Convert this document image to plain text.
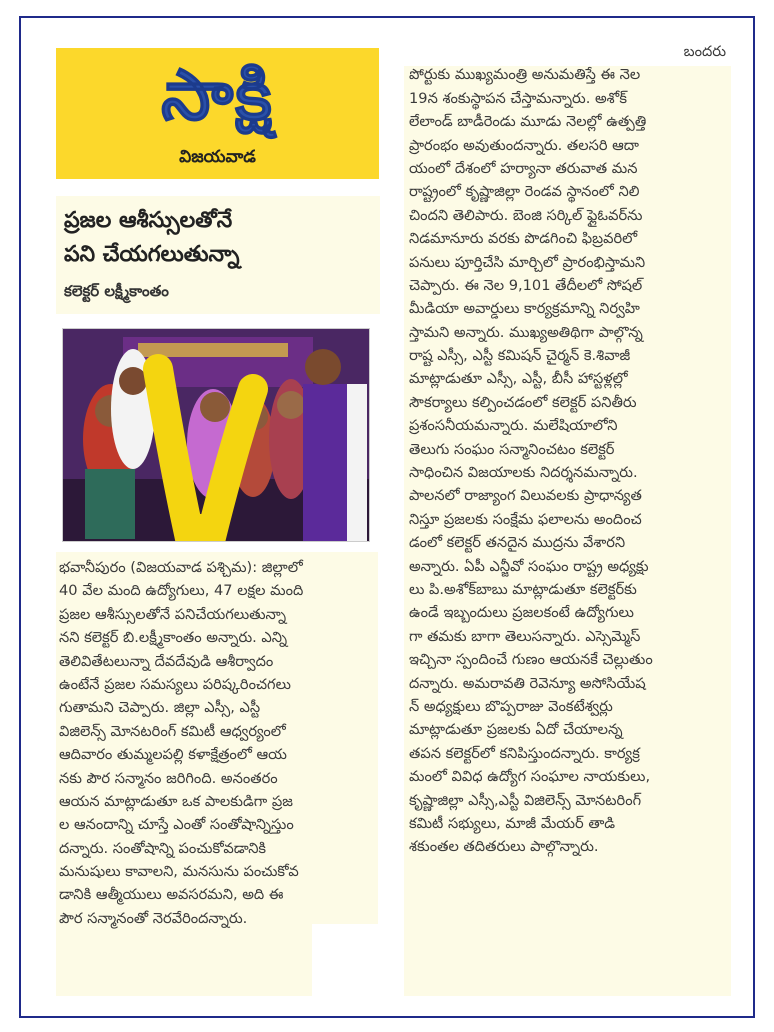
సాక్షి
విజయవాడ
ప్రజల ఆశీస్సులతోనే
పని చేయగలుతున్నా
కలెక్టర్ లక్ష్మీకాంతం
భవానీపురం (విజయవాడ పశ్చిమ): జిల్లాలో
40 వేల మంది ఉద్యోగులు, 47 లక్షల మంది
ప్రజల ఆశీస్సులతోనే పనిచేయగలుతున్నా
నని కలెక్టర్ బి.లక్ష్మీకాంతం అన్నారు. ఎన్ని
తెలివితేటలున్నా దేవదేవుడి ఆశీర్వాదం
ఉంటేనే ప్రజల సమస్యలు పరిష్కరించగలు
గుతామని చెప్పారు. జిల్లా ఎస్సీ, ఎస్టీ
విజిలెన్స్ మోనటరింగ్ కమిటీ ఆధ్వర్యంలో
ఆదివారం తుమ్మలపల్లి కళాక్షేత్రంలో ఆయ
నకు పౌర సన్మానం జరిగింది. అనంతరం
ఆయన మాట్లాడుతూ ఒక పాలకుడిగా ప్రజ
ల ఆనందాన్ని చూస్తే ఎంతో సంతోషాన్నిస్తుం
దన్నారు. సంతోషాన్ని పంచుకోవడానికి
మనుషులు కావాలని, మనసును పంచుకోవ
డానికి ఆత్మీయులు అవసరమని, అది ఈ
పౌర సన్మానంతో నెరవేరిందన్నారు.
బందరు
పోర్టుకు ముఖ్యమంత్రి అనుమతిస్తే ఈ నెల
19న శంకుస్థాపన చేస్తామన్నారు. అశోక్
లేలాండ్ బాడీరెండు మూడు నెలల్లో ఉత్పత్తి
ప్రారంభం అవుతుందన్నారు. తలసరి ఆదా
యంలో దేశంలో హర్యానా తరువాత మన
రాష్ట్రంలో కృష్ణాజిల్లా రెండవ స్థానంలో నిలి
చిందని తెలిపారు. బెంజి సర్కిల్ ఫ్లైఓవర్‌ను
నిడమానూరు వరకు పొడగించి ఫిబ్రవరిలో
పనులు పూర్తిచేసి మార్చిలో ప్రారంభిస్తామని
చెప్పారు. ఈ నెల 9,101 తేదీలలో సోషల్
మీడియా అవార్డులు కార్యక్రమాన్ని నిర్వహి
స్తామని అన్నారు. ముఖ్యఅతిథిగా పాల్గొన్న
రాష్ట ఎస్సీ, ఎస్టీ కమిషన్ చైర్మన్ కె.శివాజీ
మాట్లాడుతూ ఎస్సీ, ఎస్టీ, బీసీ హాస్టళ్లల్లో
సౌకర్యాలు కల్పించడంలో కలెక్టర్ పనితీరు
ప్రశంసనీయమన్నారు. మలేషియాలోని
తెలుగు సంఘం సన్మానించటం కలెక్టర్
సాధించిన విజయాలకు నిదర్శనమన్నారు.
పాలనలో రాజ్యాంగ విలువలకు ప్రాధాన్యత
నిస్తూ ప్రజలకు సంక్షేమ ఫలాలను అందించ
డంలో కలెక్టర్ తనదైన ముద్రను వేశారని
అన్నారు. ఏపీ ఎన్జీవో సంఘం రాష్ట్ర అధ్యక్షు
లు పి.అశోక్‌బాబు మాట్లాడుతూ కలెక్టర్‌కు
ఉండే ఇబ్బందులు ప్రజలకంటే ఉద్యోగులు
గా తమకు బాగా తెలుసన్నారు. ఎస్సెమ్మెస్
ఇచ్చినా స్పందించే గుణం ఆయనకే చెల్లుతుం
దన్నారు. అమరావతి రెవెన్యూ అసోసియేష
న్ అధ్యక్షులు బొప్పరాజు వెంకటేశ్వర్లు
మాట్లాడుతూ ప్రజలకు ఏదో చేయాలన్న
తపన కలెక్టర్‌లో కనిపిస్తుందన్నారు. కార్యక్ర
మంలో వివిధ ఉద్యోగ సంఘాల నాయకులు,
కృష్ణాజిల్లా ఎస్సీ,ఎస్టీ విజిలెన్స్ మోనటరింగ్
కమిటీ సభ్యులు, మాజీ మేయర్ తాడి
శకుంతల తదితరులు పాల్గొన్నారు.
